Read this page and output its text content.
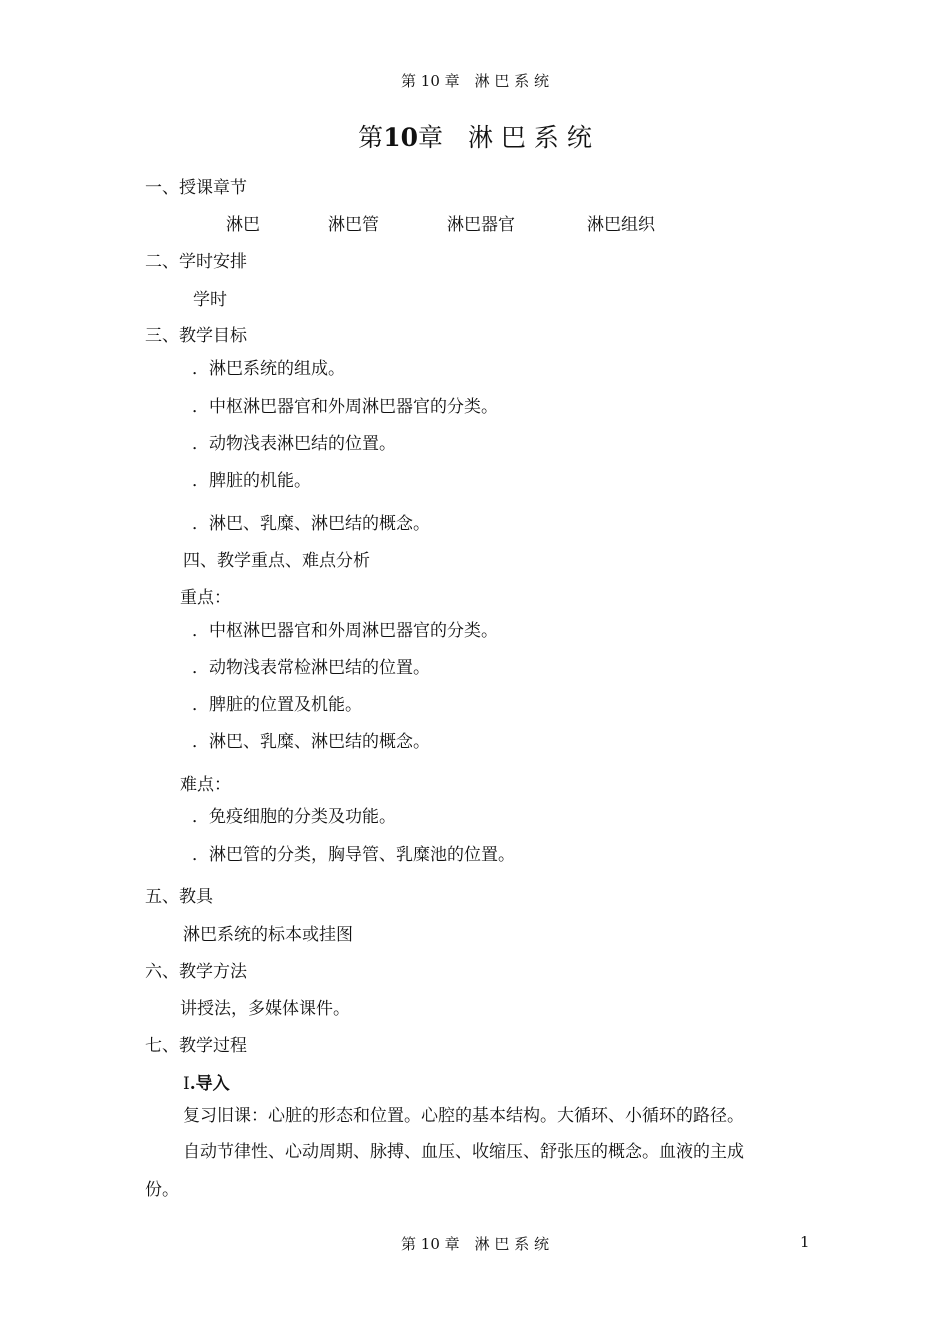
第 10 章　淋 巴 系 统
第10章　淋 巴 系 统
一、授课章节
淋巴	淋巴管	淋巴器官	淋巴组织
二、学时安排
学时
三、教学目标
．淋巴系统的组成。
．中枢淋巴器官和外周淋巴器官的分类。
．动物浅表淋巴结的位置。
．脾脏的机能。
．淋巴、乳糜、淋巴结的概念。
四、教学重点、难点分析
重点：
．中枢淋巴器官和外周淋巴器官的分类。
．动物浅表常检淋巴结的位置。
．脾脏的位置及机能。
．淋巴、乳糜、淋巴结的概念。
难点：
．免疫细胞的分类及功能。
．淋巴管的分类，胸导管、乳糜池的位置。
五、教具
淋巴系统的标本或挂图
六、教学方法
讲授法，多媒体课件。
七、教学过程
Ⅰ.导入
复习旧课：心脏的形态和位置。心腔的基本结构。大循环、小循环的路径。
自动节律性、心动周期、脉搏、血压、收缩压、舒张压的概念。血液的主成
份。
第 10 章　淋 巴 系 统	1
